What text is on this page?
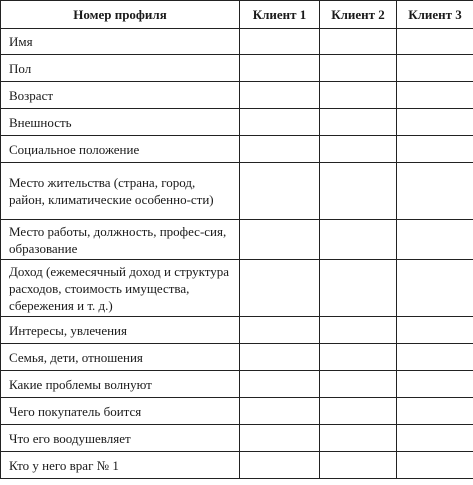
Номер профиля	Клиент 1	Клиент 2	Клиент 3
Имя			
Пол			
Возраст			
Внешность			
Социальное положение			
Место жительства (страна, город, район, климатические особенно-сти)			
Место работы, должность, профес-сия, образование			
Доход (ежемесячный доход и структура расходов, стоимость имущества, сбережения и т. д.)			
Интересы, увлечения			
Семья, дети, отношения			
Какие проблемы волнуют			
Чего покупатель боится			
Что его воодушевляет			
Кто у него враг № 1			
